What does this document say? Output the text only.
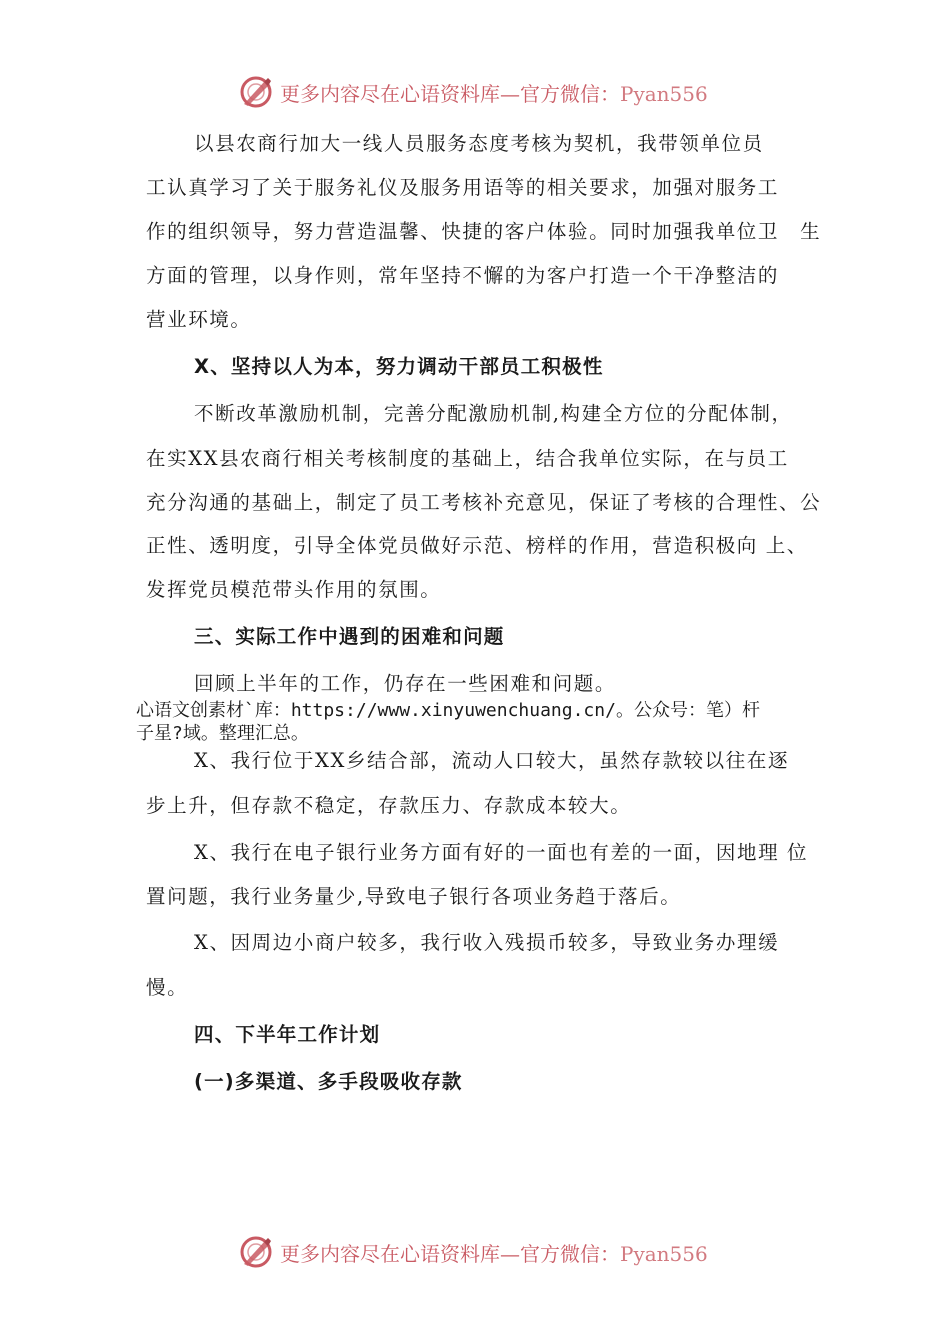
更多内容尽在心语资料库—官方微信：Pyan556
以县农商行加大一线人员服务态度考核为契机，我带领单位员
工认真学习了关于服务礼仪及服务用语等的相关要求，加强对服务工
作的组织领导，努力营造温馨、快捷的客户体验。同时加强我单位卫　生
方面的管理，以身作则，常年坚持不懈的为客户打造一个干净整洁的
营业环境。
X、坚持以人为本，努力调动干部员工积极性
不断改革激励机制，完善分配激励机制,构建全方位的分配体制，
在实XX县农商行相关考核制度的基础上，结合我单位实际，在与员工
充分沟通的基础上，制定了员工考核补充意见，保证了考核的合理性、公
正性、透明度，引导全体党员做好示范、榜样的作用，营造积极向 上、
发挥党员模范带头作用的氛围。
三、实际工作中遇到的困难和问题
回顾上半年的工作，仍存在一些困难和问题。
心语文创素材`库：https://www.xinyuwenchuang.cn/。公众号：笔）杆
子星?域。整理汇总。
X、我行位于XX乡结合部，流动人口较大，虽然存款较以往在逐
步上升，但存款不稳定，存款压力、存款成本较大。
X、我行在电子银行业务方面有好的一面也有差的一面，因地理 位
置问题，我行业务量少,导致电子银行各项业务趋于落后。
X、因周边小商户较多，我行收入残损币较多，导致业务办理缓
慢。
四、下半年工作计划
(一)多渠道、多手段吸收存款
更多内容尽在心语资料库—官方微信：Pyan556
